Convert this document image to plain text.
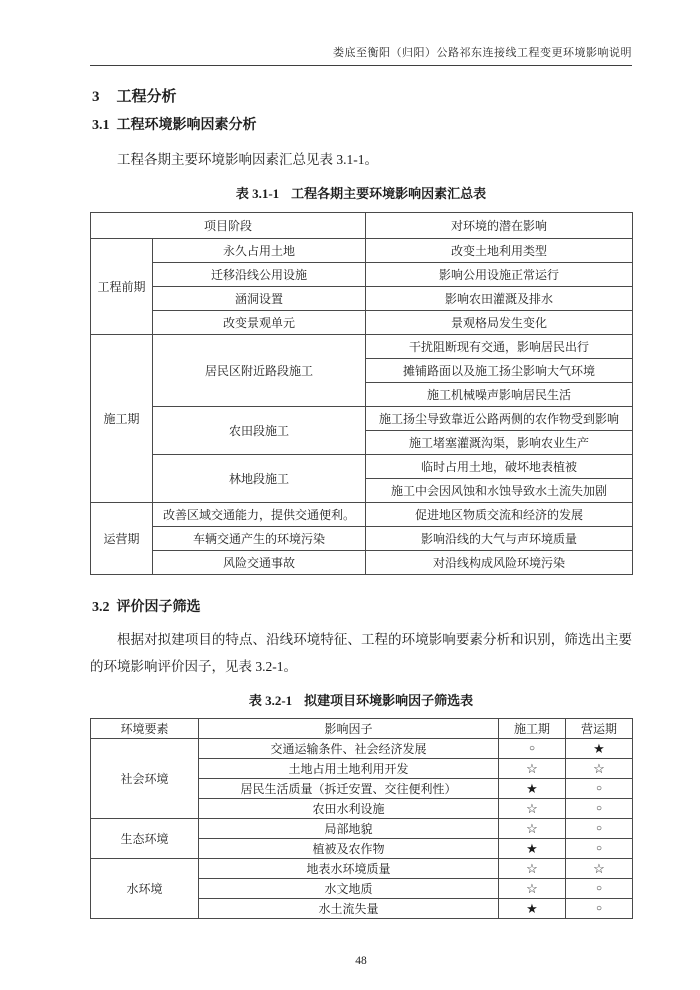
娄底至衡阳（归阳）公路祁东连接线工程变更环境影响说明
3 工程分析
3.1 工程环境影响因素分析

工程各期主要环境影响因素汇总见表 3.1-1。

表 3.1-1 工程各期主要环境影响因素汇总表
项目阶段		对环境的潜在影响
工程前期	永久占用土地	改变土地利用类型
	迁移沿线公用设施	影响公用设施正常运行
	涵洞设置	影响农田灌溉及排水
	改变景观单元	景观格局发生变化
施工期	居民区附近路段施工	干扰阻断现有交通，影响居民出行
		摊铺路面以及施工扬尘影响大气环境
		施工机械噪声影响居民生活
	农田段施工	施工扬尘导致靠近公路两侧的农作物受到影响
		施工堵塞灌溉沟渠，影响农业生产
	林地段施工	临时占用土地，破坏地表植被
		施工中会因风蚀和水蚀导致水土流失加剧
运营期	改善区域交通能力，提供交通便利。	促进地区物质交流和经济的发展
	车辆交通产生的环境污染	影响沿线的大气与声环境质量
	风险交通事故	对沿线构成风险环境污染
3.2 评价因子筛选

根据对拟建项目的特点、沿线环境特征、工程的环境影响要素分析和识别，筛选出主要的环境影响评价因子，见表 3.2-1。

表 3.2-1 拟建项目环境影响因子筛选表
环境要素	影响因子	施工期	营运期
社会环境	交通运输条件、社会经济发展	○	★
	土地占用土地利用开发	☆	☆
	居民生活质量（拆迁安置、交往便利性）	★	○
	农田水利设施	☆	○
生态环境	局部地貌	☆	○
	植被及农作物	★	○
水环境	地表水环境质量	☆	☆
	水文地质	☆	○
	水土流失量	★	○
48
